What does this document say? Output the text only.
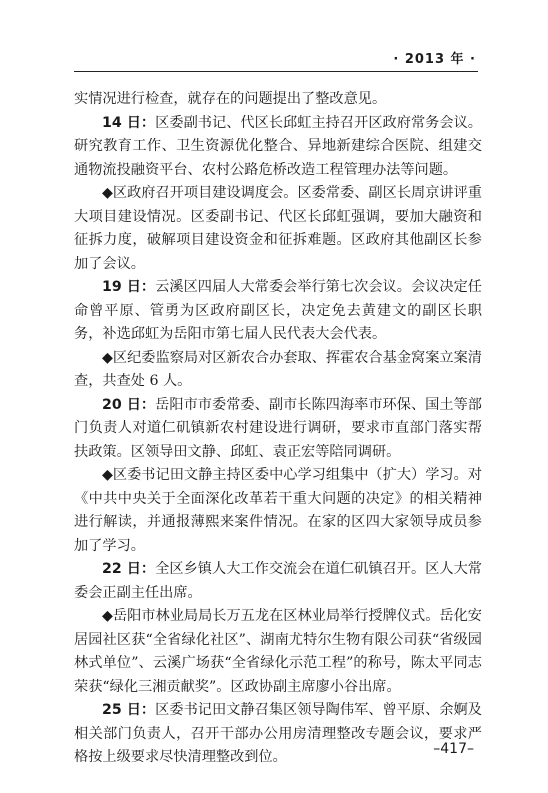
· 2013 年 ·

实情况进行检查，就存在的问题提出了整改意见。

14 日：区委副书记、代区长邱虹主持召开区政府常务会议。研究教育工作、卫生资源优化整合、异地新建综合医院、组建交通物流投融资平台、农村公路危桥改造工程管理办法等问题。

◆区政府召开项目建设调度会。区委常委、副区长周京讲评重大项目建设情况。区委副书记、代区长邱虹强调，要加大融资和征拆力度，破解项目建设资金和征拆难题。区政府其他副区长参加了会议。

19 日：云溪区四届人大常委会举行第七次会议。会议决定任命曾平原、管勇为区政府副区长，决定免去黄建文的副区长职务，补选邱虹为岳阳市第七届人民代表大会代表。

◆区纪委监察局对区新农合办套取、挥霍农合基金窝案立案清查，共查处 6 人。

20 日：岳阳市市委常委、副市长陈四海率市环保、国土等部门负责人对道仁矶镇新农村建设进行调研，要求市直部门落实帮扶政策。区领导田文静、邱虹、袁正宏等陪同调研。

◆区委书记田文静主持区委中心学习组集中（扩大）学习。对《中共中央关于全面深化改革若干重大问题的决定》的相关精神进行解读，并通报薄熙来案件情况。在家的区四大家领导成员参加了学习。

22 日：全区乡镇人大工作交流会在道仁矶镇召开。区人大常委会正副主任出席。

◆岳阳市林业局局长万五龙在区林业局举行授牌仪式。岳化安居园社区获“全省绿化社区”、湖南尤特尔生物有限公司获“省级园林式单位”、云溪广场获“全省绿化示范工程”的称号，陈太平同志荣获“绿化三湘贡献奖”。区政协副主席廖小谷出席。

25 日：区委书记田文静召集区领导陶伟军、曾平原、余婀及相关部门负责人，召开干部办公用房清理整改专题会议，要求严格按上级要求尽快清理整改到位。	–417–
